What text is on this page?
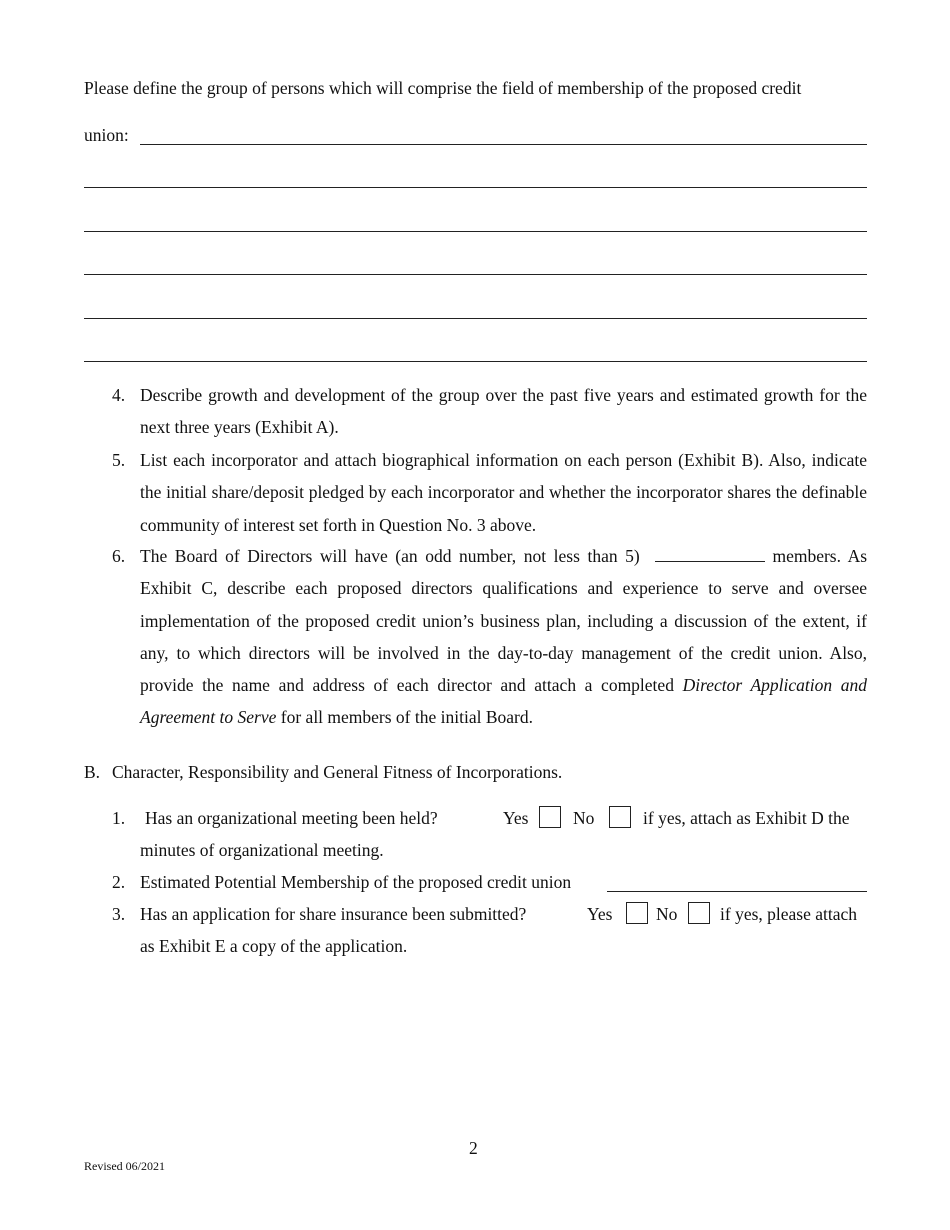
Please define the group of persons which will comprise the field of membership of the proposed credit
union:
4. Describe growth and development of the group over the past five years and estimated growth for the next three years (Exhibit A).
5. List each incorporator and attach biographical information on each person (Exhibit B). Also, indicate the initial share/deposit pledged by each incorporator and whether the incorporator shares the definable community of interest set forth in Question No. 3 above.
6. The Board of Directors will have (an odd number, not less than 5)	members. As Exhibit C, describe each proposed directors qualifications and experience to serve and oversee implementation of the proposed credit union’s business plan, including a discussion of the extent, if any, to which directors will be involved in the day-to-day management of the credit union. Also, provide the name and address of each director and attach a completed Director Application and Agreement to Serve for all members of the initial Board.
B. Character, Responsibility and General Fitness of Incorporations.
1. Has an organizational meeting been held?	Yes	No	if yes, attach as Exhibit D the
minutes of organizational meeting.
2. Estimated Potential Membership of the proposed credit union
3. Has an application for share insurance been submitted?	Yes No if yes, please attach
as Exhibit E a copy of the application.
2
Revised 06/2021
